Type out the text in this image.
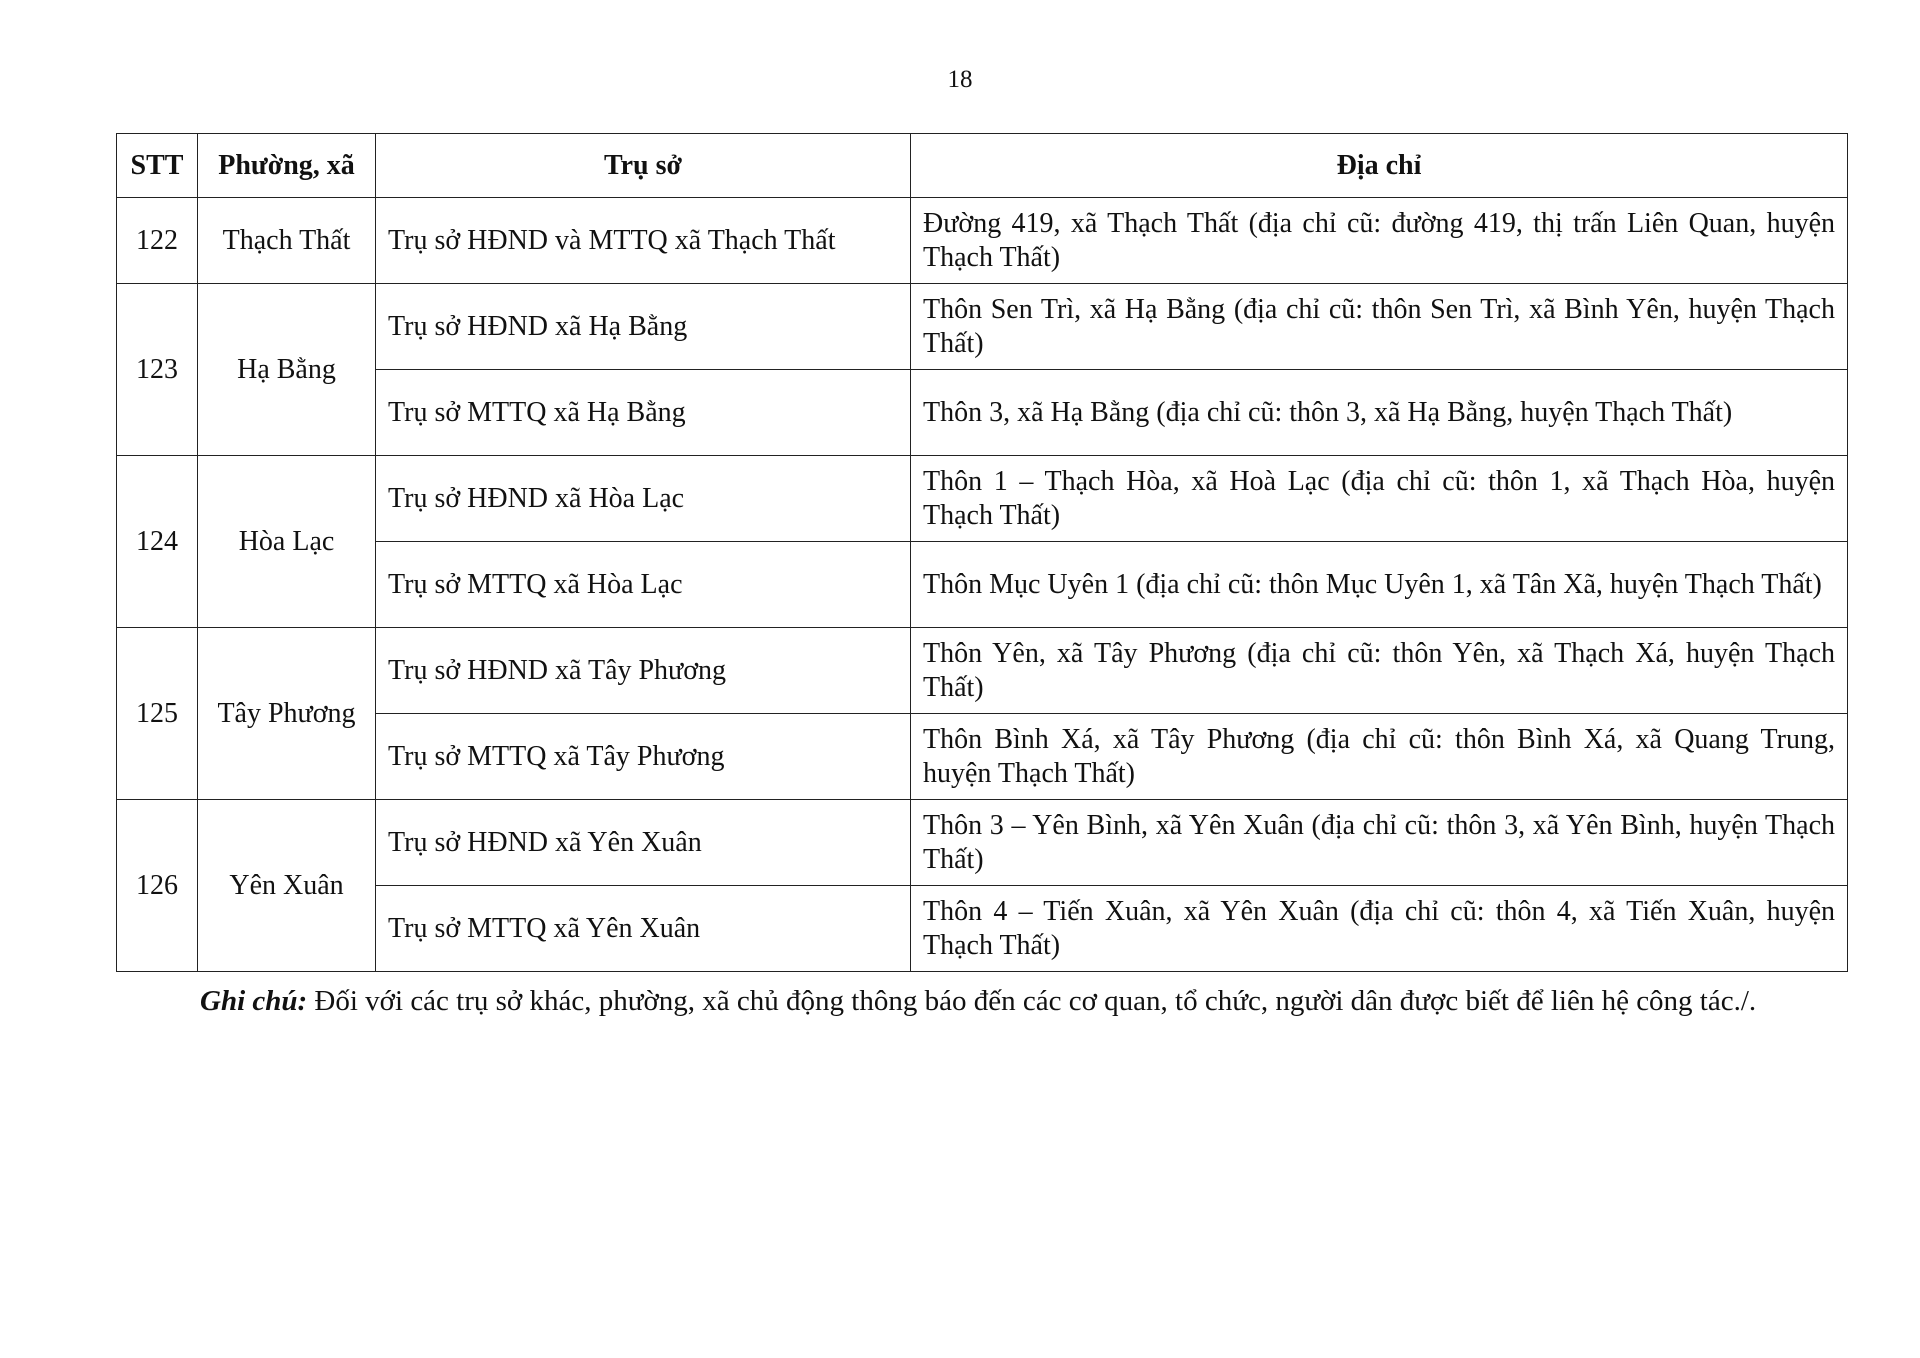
18
STT	Phường, xã	Trụ sở	Địa chỉ
122	Thạch Thất	Trụ sở HĐND và MTTQ xã Thạch Thất	Đường 419, xã Thạch Thất (địa chỉ cũ: đường 419, thị trấn Liên Quan, huyện Thạch Thất)
123	Hạ Bằng	Trụ sở HĐND xã Hạ Bằng	Thôn Sen Trì, xã Hạ Bằng (địa chỉ cũ: thôn Sen Trì, xã Bình Yên, huyện Thạch Thất)
		Trụ sở MTTQ xã Hạ Bằng	Thôn 3, xã Hạ Bằng (địa chỉ cũ: thôn 3, xã Hạ Bằng, huyện Thạch Thất)
124	Hòa Lạc	Trụ sở HĐND xã Hòa Lạc	Thôn 1 – Thạch Hòa, xã Hoà Lạc (địa chỉ cũ: thôn 1, xã Thạch Hòa, huyện Thạch Thất)
		Trụ sở MTTQ xã Hòa Lạc	Thôn Mục Uyên 1 (địa chỉ cũ: thôn Mục Uyên 1, xã Tân Xã, huyện Thạch Thất)
125	Tây Phương	Trụ sở HĐND xã Tây Phương	Thôn Yên, xã Tây Phương (địa chỉ cũ: thôn Yên, xã Thạch Xá, huyện Thạch Thất)
		Trụ sở MTTQ xã Tây Phương	Thôn Bình Xá, xã Tây Phương (địa chỉ cũ: thôn Bình Xá, xã Quang Trung, huyện Thạch Thất)
126	Yên Xuân	Trụ sở HĐND xã Yên Xuân	Thôn 3 – Yên Bình, xã Yên Xuân (địa chỉ cũ: thôn 3, xã Yên Bình, huyện Thạch Thất)
		Trụ sở MTTQ xã Yên Xuân	Thôn 4 – Tiến Xuân, xã Yên Xuân (địa chỉ cũ: thôn 4, xã Tiến Xuân, huyện Thạch Thất)
Ghi chú: Đối với các trụ sở khác, phường, xã chủ động thông báo đến các cơ quan, tổ chức, người dân được biết để liên hệ công tác./.
